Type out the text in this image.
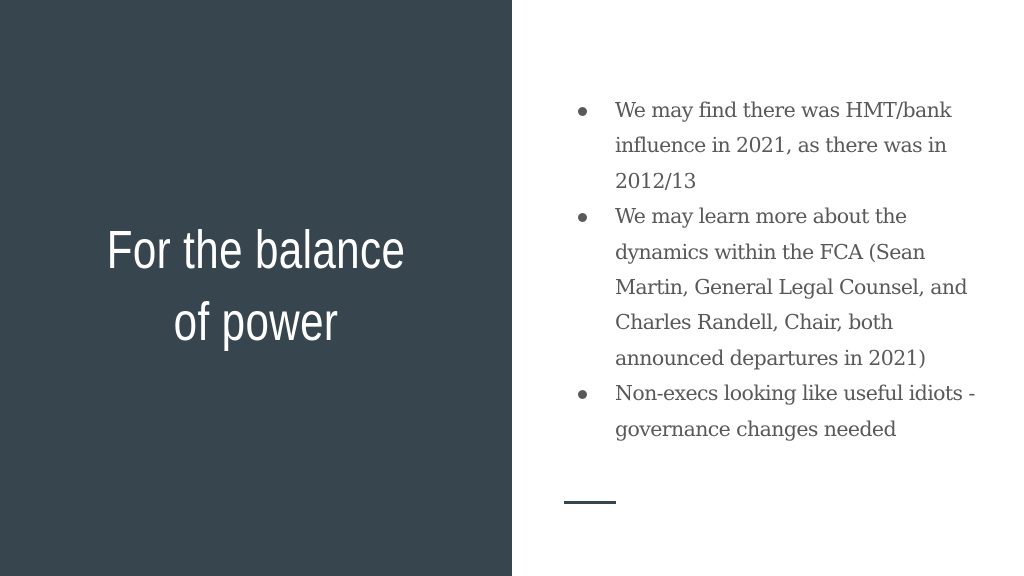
For the balance of power
We may find there was HMT/bank influence in 2021, as there was in 2012/13
We may learn more about the dynamics within the FCA (Sean Martin, General Legal Counsel, and Charles Randell, Chair, both announced departures in 2021)
Non-execs looking like useful idiots - governance changes needed
